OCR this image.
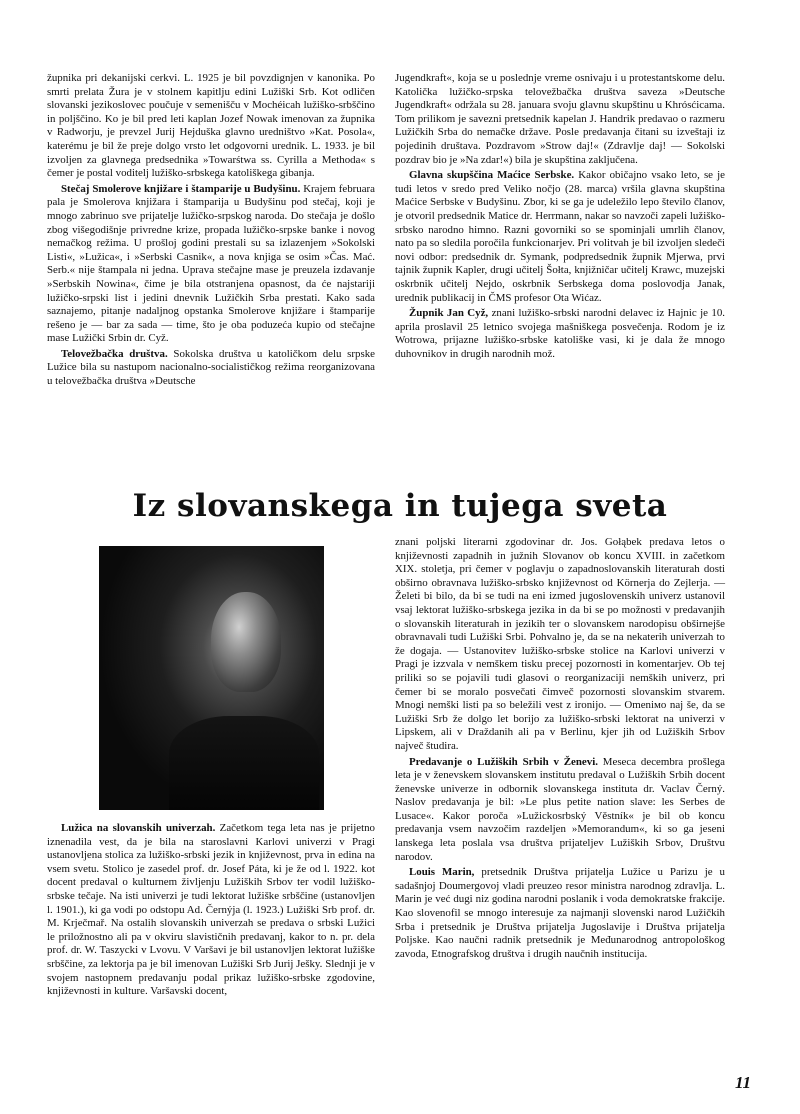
župnika pri dekanijski cerkvi. L. 1925 je bil povzdignjen v kanonika. Po smrti prelata Žura je v stolnem kapitlju edini Lužiški Srb. Kot odličen slovanski jezikoslovec poučuje v semenišču v Mochéicah lužiško-srbščino in poljščino. Ko je bil pred leti kaplan Jozef Nowak imenovan za župnika v Radworju, je prevzel Jurij Hejduška glavno uredništvo »Kat. Posola«, katerému je bil že preje dolgo vrsto let odgovorni urednik. L. 1933. je bil izvoljen za glavnega predsednika »Towarśtwa ss. Cyrilla a Methoda« s čemer je postal voditelj lužiško-srbskega katoliškega gibanja.

Stečaj Smolerove knjižare i štamparije u Budyšinu. Krajem februara pala je Smolerova knjižara i štamparija u Budyšinu pod stečaj, koji je mnogo zabrinuo sve prijatelje lužičko-srpskog naroda. Do stečaja je došlo zbog višegodišnje privredne krize, propada lužičko-srpske banke i novog nemačkog režima. U prošloj godini prestali su sa izlazenjem »Sokolski Listi«, »Lužica«, i »Serbski Casnik«, a nova knjiga se osim »Čas. Mać. Serb.« nije štampala ni jedna. Uprava stečajne mase je preuzela izdavanje »Serbskih Nowina«, čime je bila otstranjena opasnost, da će najstariji lužičko-srpski list i jedini dnevnik Lužičkih Srba prestati. Kako sada saznajemo, pitanje nadaljnog opstanka Smolerove knjižare i štamparije rešeno je — bar za sada — time, što je oba poduzeća kupio od stečajne mase Lužički Srbin dr. Cyž.

Telovežbačka društva. Sokolska društva u katoličkom delu srpske Lužice bila su nastupom nacionalno-socialističkog režima reorganizovana u telovežbačka društva »Deutsche

Jugendkraft«, koja se u poslednje vreme osnivaju i u protestantskome delu. Katolička lužičko-srpska telovežbačka društva saveza »Deutsche Jugendkraft« održala su 28. januara svoju glavnu skupštinu u Khrósćicama. Tom prilikom je savezni pretsednik kapelan J. Handrik predavao o razmeru Lužičkih Srba do nemačke države. Posle predavanja čitani su izveštaji iz pojedinih društava. Pozdravom »Strow daj!« (Zdravlje daj! — Sokolski pozdrav bio je »Na zdar!«) bila je skupština zaključena.

Glavna skupščina Maćice Serbske. Kakor običajno vsako leto, se je tudi letos v sredo pred Veliko nočjo (28. marca) vršila glavna skupština Maćice Serbske v Budyšinu. Zbor, ki se ga je udeležilo lepo število članov, je otvoril predsednik Matice dr. Herrmann, nakar so navzoči zapeli lužiško-srbsko narodno himno. Razni govorniki so se spominjali umrlih članov, nato pa so sledila poročila funkcionarjev. Pri volitvah je bil izvoljen sledeči novi odbor: predsednik dr. Symank, podpredsednik župnik Mjerwa, prvi tajnik župnik Kapler, drugi učitelj Šołta, knjižničar učitelj Krawc, muzejski oskrbnik učitelj Nejdo, oskrbnik Serbskega doma poslovodja Janak, urednik publikacij in ČMS profesor Ota Wićaz.

Župnik Jan Cyž, znani lužiško-srbski narodni delavec iz Hajnic je 10. aprila proslavil 25 letnico svojega mašniškega posvečenja. Rodom je iz Wotrowa, prijazne lužiško-srbske katoliške vasi, ki je dala že mnogo duhovnikov in drugih narodnih mož.

Iz slovanskega in tujega sveta

Lužica na slovanskih univerzah. Začetkom tega leta nas je prijetno iznenadila vest, da je bila na staroslavni Karlovi univerzi v Pragi ustanovljena stolica za lužiško-srbski jezik in književnost, prva in edina na vsem svetu. Stolico je zasedel prof. dr. Josef Páta, ki je že od l. 1922. kot docent predaval o kulturnem življenju Lužiških Srbov ter vodil lužiško-srbske tečaje. Na isti univerzi je tudi lektorat lužiške srbščine (ustanovljen l. 1901.), ki ga vodi po odstopu Ad. Černýja (l. 1923.) Lužiški Srb prof. dr. M. Krječmař. Na ostalih slovanskih univerzah se predava o srbski Lužici le priložnostno ali pa v okviru slavističnih predavanj, kakor to n. pr. dela prof. dr. W. Taszycki v Lvovu. V Varšavi je bil ustanovljen lektorat lužiške srbščine, za lektorja pa je bil imenovan Lužiški Srb Jurij Ješky. Slednji je v svojem nastopnem predavanju podal prikaz lužiško-srbske zgodovine, književnosti in kulture. Varšavski docent,

znani poljski literarni zgodovinar dr. Jos. Gołąbek predava letos o književnosti zapadnih in južnih Slovanov ob koncu XVIII. in začetkom XIX. stoletja, pri čemer v poglavju o zapadnoslovanskih literaturah dosti obširno obravnava lužiško-srbsko književnost od Körnerja do Zejlerja. — Želeti bi bilo, da bi se tudi na eni izmed jugoslovenskih univerz ustanovil vsaj lektorat lužiško-srbskega jezika in da bi se po možnosti v predavanjih o slovanskih literaturah in jezikih ter o slovanskem narodopisu obširnejše obravnavali tudi Lužiški Srbi. Pohvalno je, da se na nekaterih univerzah to že dogaja. — Ustanovitev lužiško-srbske stolice na Karlovi univerzi v Pragi je izzvala v nemškem tisku precej pozornosti in komentarjev. Ob tej priliki so se pojavili tudi glasovi o reorganizaciji nemških univerz, pri čemer bi se moralo posvečati čimveč pozornosti slovanskim stvarem. Mnogi nemški listi pa so beležili vest z ironijo. — Omeniмо naj še, da se Lužiški Srb že dolgo let borijo za lužiško-srbski lektorat na univerzi v Lipskem, ali v Draždanih ali pa v Berlinu, kjer jih od Lužiških Srbov največ študira.

Predavanje o Lužiških Srbih v Ženevi. Meseca decembra prošlega leta je v ženevskem slovanskem institutu predaval o Lužiških Srbih docent ženevske univerze in odbornik slovanskega instituta dr. Vaclav Černý. Naslov predavanja je bil: »Le plus petite nation slave: les Serbes de Lusace«. Kakor poroča »Lužickosrbský Věstník« je bil ob koncu predavanja vsem navzočim razdeljen »Memorandum«, ki so ga jeseni lanskega leta poslala vsa društva prijateljev Lužiških Srbov, Društvu narodov.

Louis Marin, pretsednik Društva prijatelja Lužice u Parizu je u sadašnjoj Doumergovoj vladi preuzeo resor ministra narodnog zdravlja. L. Marin je već dugi niz godina narodni poslanik i voda demokratske frakcije. Kao slovenofil se mnogo interesuje za najmanji slovenski narod Lužičkih Srba i pretsednik je Društva prijatelja Jugoslavije i Društva prijatelja Poljske. Kao naučni radnik pretsednik je Međunarodnog antropološkog zavoda, Etnografskog društva i drugih naučnih institucija.

11
